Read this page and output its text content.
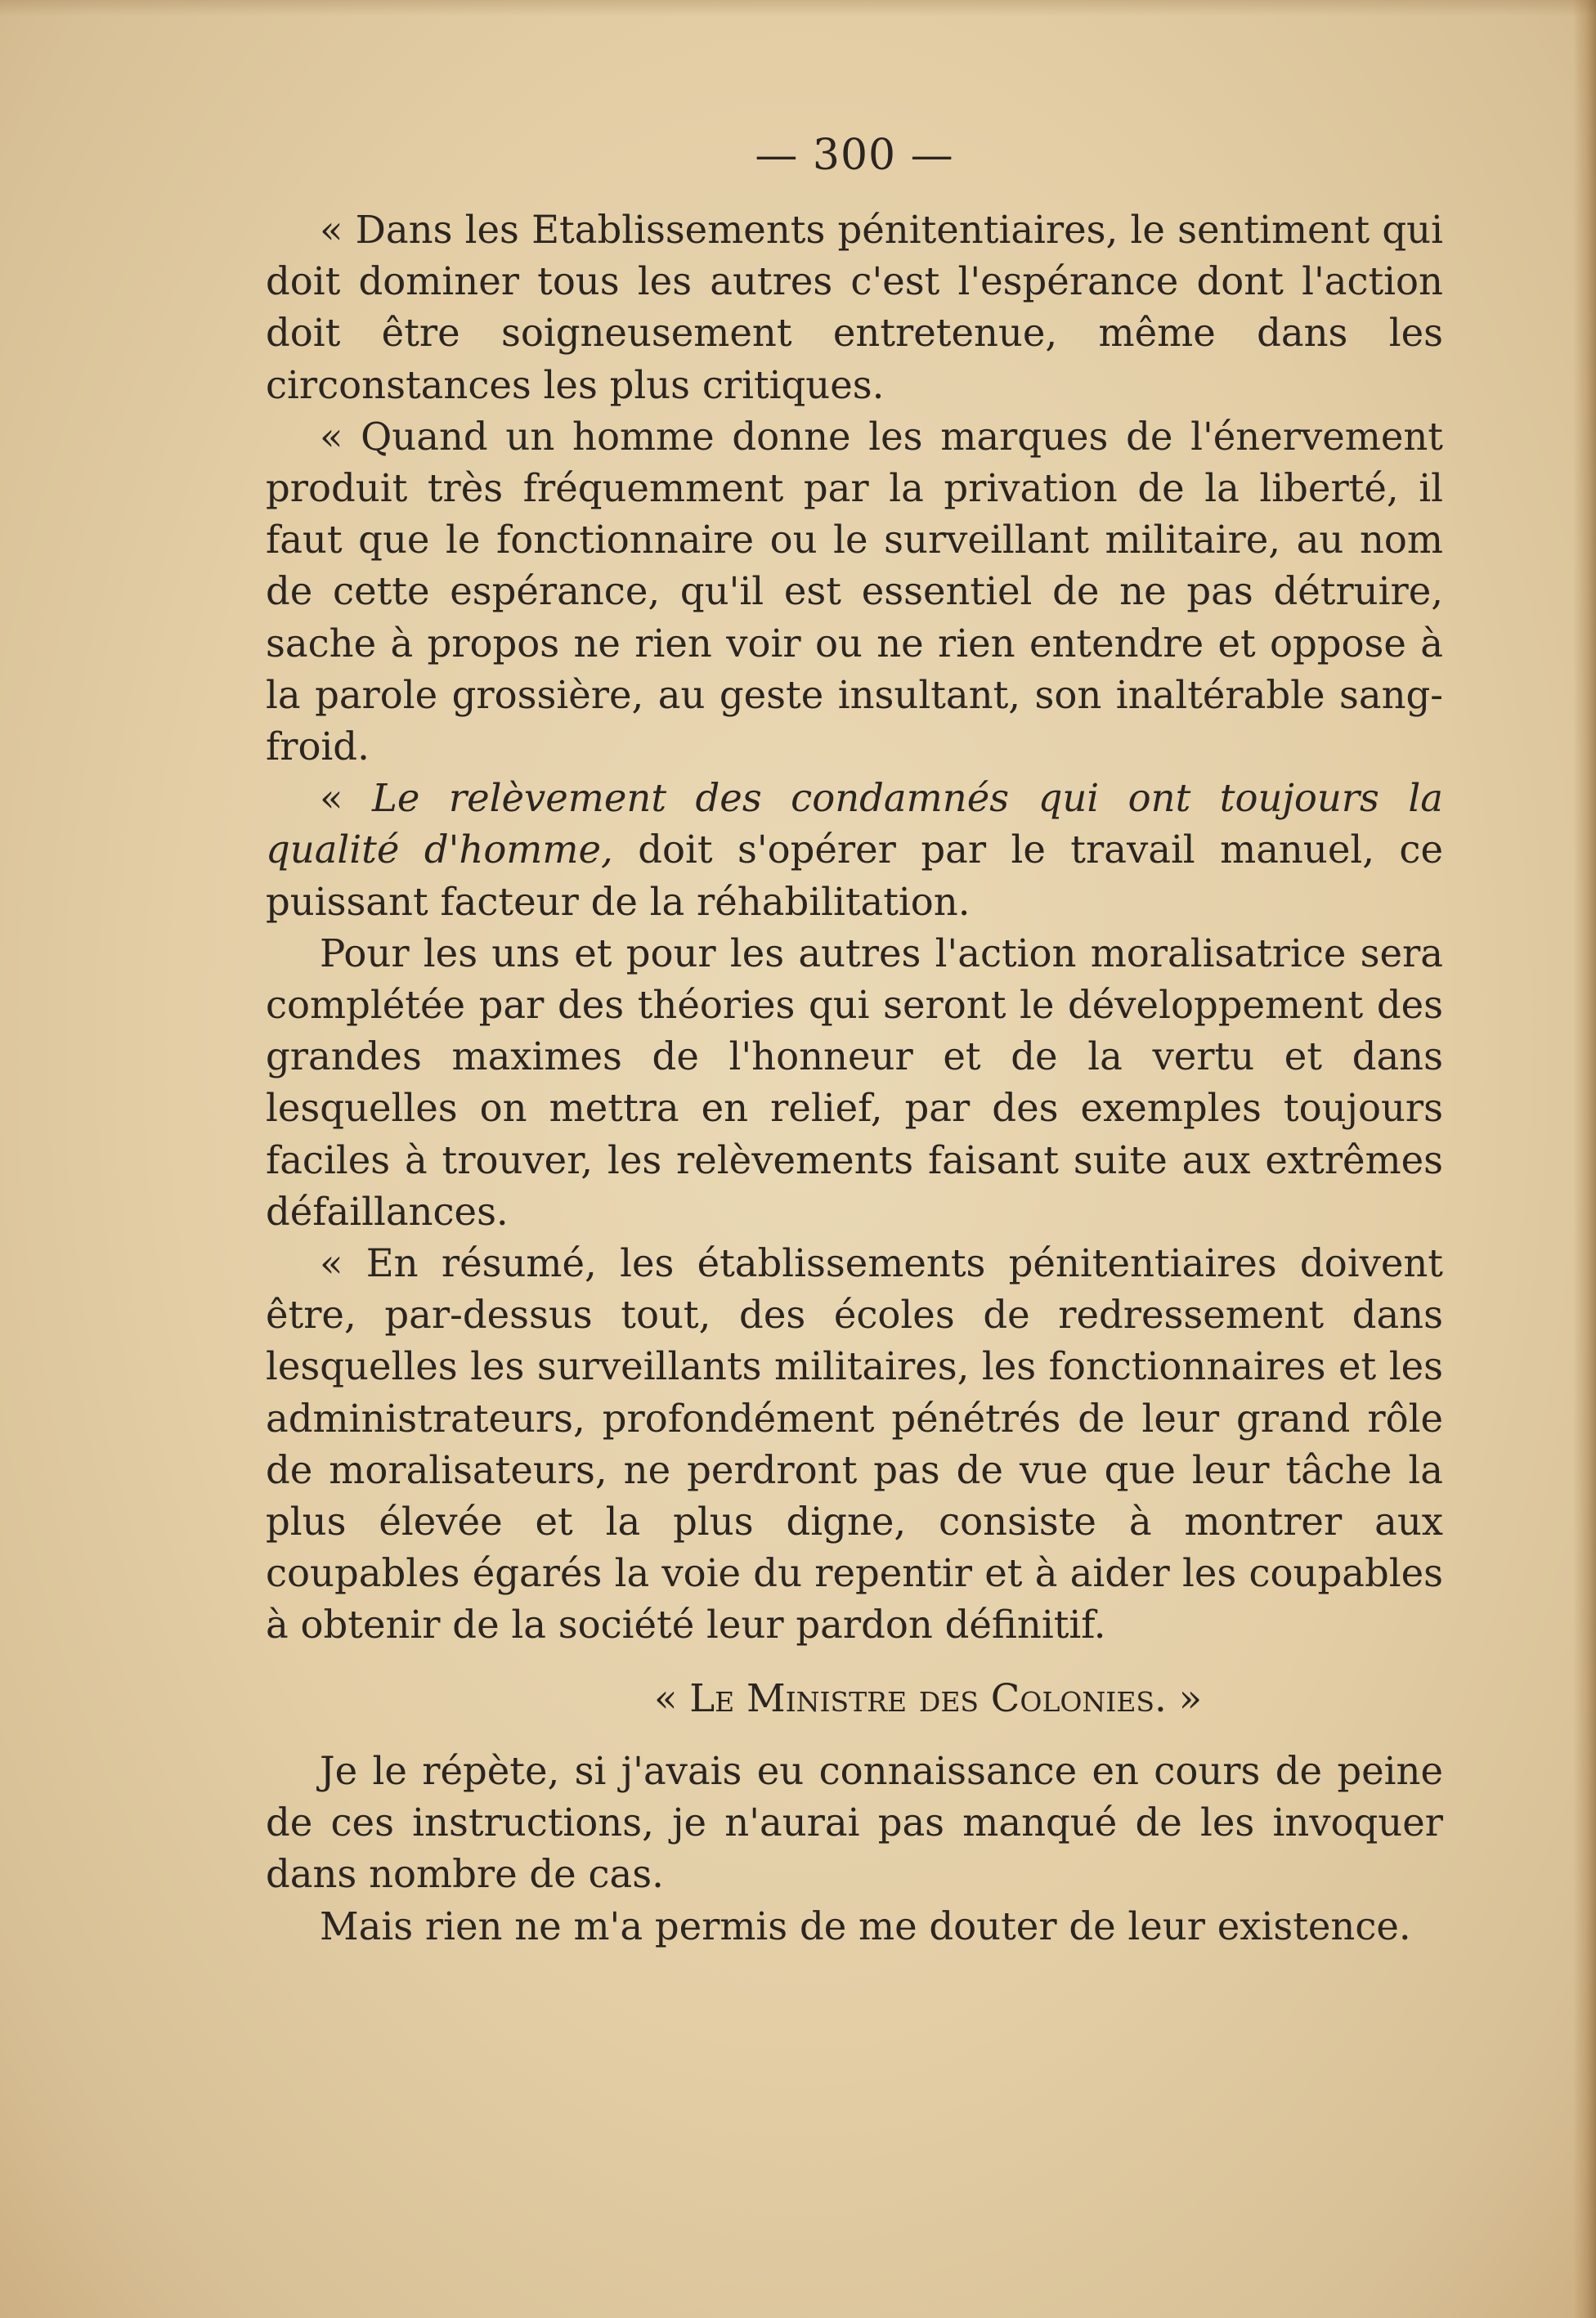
— 300 —

« Dans les Etablissements pénitentiaires, le sentiment qui doit dominer tous les autres c'est l'espérance dont l'action doit être soigneusement entretenue, même dans les circonstances les plus critiques.

« Quand un homme donne les marques de l'énervement produit très fréquemment par la privation de la liberté, il faut que le fonctionnaire ou le surveillant militaire, au nom de cette espérance, qu'il est essentiel de ne pas détruire, sache à propos ne rien voir ou ne rien entendre et oppose à la parole grossière, au geste insultant, son inaltérable sang-froid.

« Le relèvement des condamnés qui ont toujours la qualité d'homme, doit s'opérer par le travail manuel, ce puissant facteur de la réhabilitation.

Pour les uns et pour les autres l'action moralisatrice sera complétée par des théories qui seront le développement des grandes maximes de l'honneur et de la vertu et dans lesquelles on mettra en relief, par des exemples toujours faciles à trouver, les relèvements faisant suite aux extrêmes défaillances.

« En résumé, les établissements pénitentiaires doivent être, par-dessus tout, des écoles de redressement dans lesquelles les surveillants militaires, les fonctionnaires et les administrateurs, profondément pénétrés de leur grand rôle de moralisateurs, ne perdront pas de vue que leur tâche la plus élevée et la plus digne, consiste à montrer aux coupables égarés la voie du repentir et à aider les coupables à obtenir de la société leur pardon définitif.

« Le Ministre des Colonies. »

Je le répète, si j'avais eu connaissance en cours de peine de ces instructions, je n'aurai pas manqué de les invoquer dans nombre de cas.

Mais rien ne m'a permis de me douter de leur existence.
